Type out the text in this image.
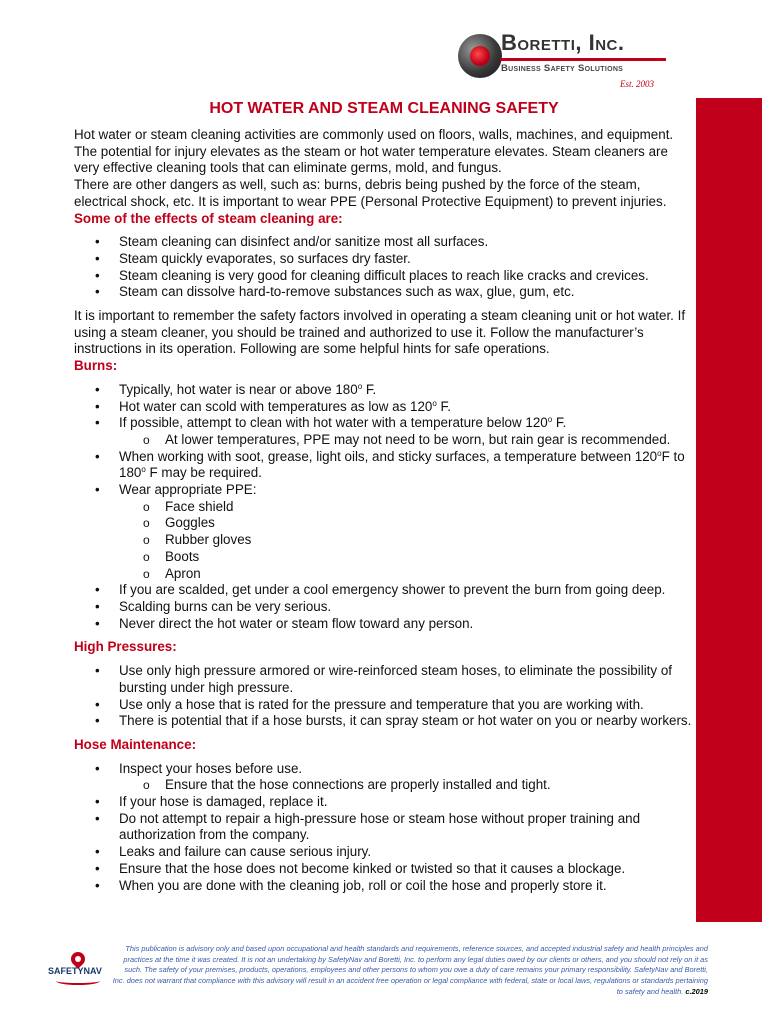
Boretti, Inc.
Business Safety Solutions
Est. 2003
HOT WATER AND STEAM CLEANING SAFETY

Hot water or steam cleaning activities are commonly used on floors, walls, machines, and equipment. The potential for injury elevates as the steam or hot water temperature elevates. Steam cleaners are very effective cleaning tools that can eliminate germs, mold, and fungus.

There are other dangers as well, such as: burns, debris being pushed by the force of the steam, electrical shock, etc. It is important to wear PPE (Personal Protective Equipment) to prevent injuries.

Some of the effects of steam cleaning are:

• Steam cleaning can disinfect and/or sanitize most all surfaces.
• Steam quickly evaporates, so surfaces dry faster.
• Steam cleaning is very good for cleaning difficult places to reach like cracks and crevices.
• Steam can dissolve hard-to-remove substances such as wax, glue, gum, etc.

It is important to remember the safety factors involved in operating a steam cleaning unit or hot water. If using a steam cleaner, you should be trained and authorized to use it. Follow the manufacturer’s instructions in its operation. Following are some helpful hints for safe operations.

Burns:

• Typically, hot water is near or above 180$^o$ F.
• Hot water can scold with temperatures as low as 120$^o$ F.
• If possible, attempt to clean with hot water with a temperature below 120$^o$ F.
o At lower temperatures, PPE may not need to be worn, but rain gear is recommended.
• When working with soot, grease, light oils, and sticky surfaces, a temperature between 120$^o$F to 180$^o$ F may be required.
• Wear appropriate PPE:
o Face shield
o Goggles
o Rubber gloves
o Boots
o Apron
• If you are scalded, get under a cool emergency shower to prevent the burn from going deep.
• Scalding burns can be very serious.
• Never direct the hot water or steam flow toward any person.

High Pressures:

• Use only high pressure armored or wire-reinforced steam hoses, to eliminate the possibility of bursting under high pressure.
• Use only a hose that is rated for the pressure and temperature that you are working with.
• There is potential that if a hose bursts, it can spray steam or hot water on you or nearby workers.

Hose Maintenance:

• Inspect your hoses before use.
o Ensure that the hose connections are properly installed and tight.
• If your hose is damaged, replace it.
• Do not attempt to repair a high-pressure hose or steam hose without proper training and authorization from the company.
• Leaks and failure can cause serious injury.
• Ensure that the hose does not become kinked or twisted so that it causes a blockage.
• When you are done with the cleaning job, roll or coil the hose and properly store it.
SAFETYNAV
This publication is advisory only and based upon occupational and health standards and requirements, reference sources, and accepted industrial safety and health principles and practices at the time it was created. It is not an undertaking by SafetyNav and Boretti, Inc. to perform any legal duties owed by our clients or others, and you should not rely on it as such. The safety of your premises, products, operations, employees and other persons to whom you owe a duty of care remains your primary responsibility. SafetyNav and Boretti, Inc. does not warrant that compliance with this advisory will result in an accident free operation or legal compliance with federal, state or local laws, regulations or standards pertaining to safety and health. c.2019
